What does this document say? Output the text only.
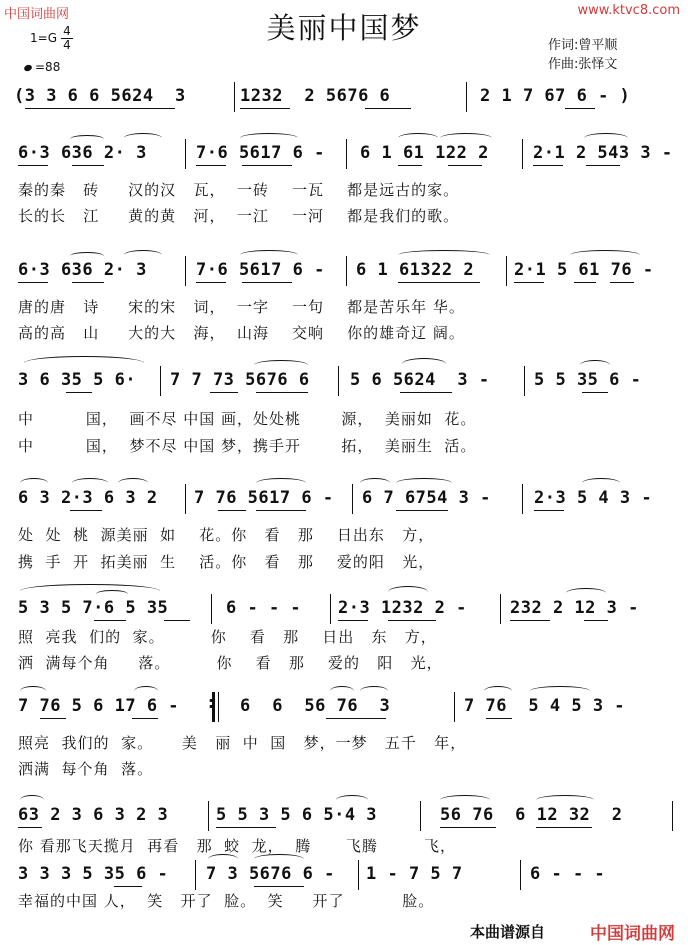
中国词曲网	www.ktvc8.com
美丽中国梦
1=G 4
4
=88
作词:曾平顺
作曲:张怿文
(3 3 6 6 5624  3	1232  2 5676 6	2 1 7 67 6 - )
6·3 636 2· 3	7·6 5617 6 - 6 1 61 122 2	2·1 2 543 3 -
秦的秦   砖     汉的汉   瓦，  一砖    一瓦    都是远古的家。
长的长   江     黄的黄   河，  一江    一河    都是我们的歌。
6·3 636 2· 3	7·6 5617 6 - 6 1 61322 2 2·1 5 61 76 -
唐的唐   诗     宋的宋   词，  一字    一句    都是苦乐年 华。
高的高   山     大的大   海，  山海    交响    你的雄奇辽 阔。
3 6 35 5 6· 7 7 73 5676 6 5 6 5624  3 -	5 5 35 6 -
中         国，  画不尽 中国 画，处处桃       源，  美丽如  花。
中         国，  梦不尽 中国 梦，携手开       拓，  美丽生  活。
6 3 2·3 6 3 2 7 76 5617 6 - 6 7 6754 3 -	2·3 5 4 3 -
处  处  桃  源美丽  如    花。你   看   那    日出东   方，
携  手  开  拓美丽  生    活。你   看   那    爱的阳   光，
5 3 5 7·6 5 35	6 - - - 2·3 1232 2 -	232 2 12 3 -
照  亮我  们的  家。        你    看   那    日出   东   方，
洒  满每个角     落。        你    看   那    爱的   阳   光，
7 76 5 6 17 6 - : 6  6  56 76  3	7 76  5 4 5 3 -
照亮  我们的  家。     美   丽  中  国   梦，一梦   五千   年，
洒满  每个角  落。
63 2 3 6 3 2 3	5 5 3 5 6 5·4 3	56 76  6 12 32  2
你 看那飞天揽月  再看   那  蛟  龙，  腾      飞腾        飞，
3 3 3 5 35 6 - 7 3 5676 6 - 1 - 7 5 7	6 - - -
幸福的中国 人，  笑   开了  脸。  笑     开了          脸。
本曲谱源自	中国词曲网
